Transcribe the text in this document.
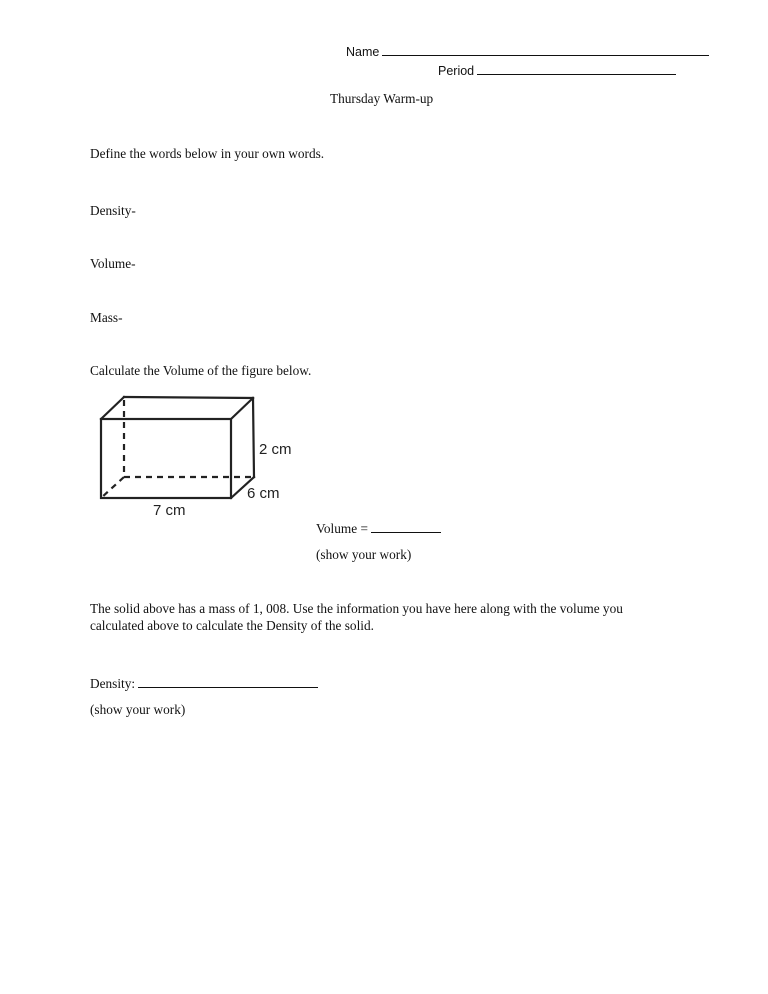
Name
Period
Thursday Warm-up
Define the words below in your own words.
Density-
Volume-
Mass-
Calculate the Volume of the figure below.
2 cm
6 cm
7 cm
Volume =
(show your work)
The solid above has a mass of 1, 008. Use the information you have here along with the volume you
calculated above to calculate the Density of the solid.
Density:
(show your work)
